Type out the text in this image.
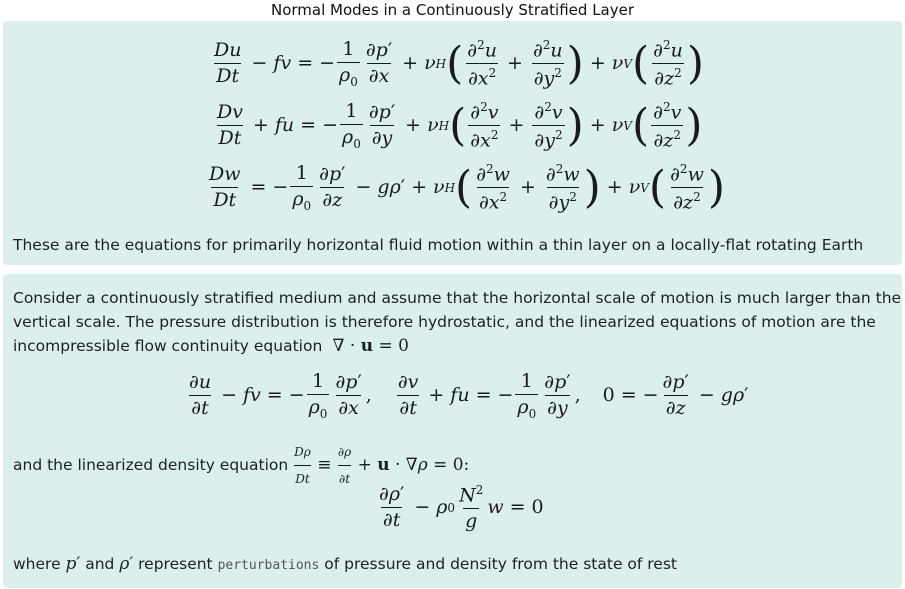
Normal Modes in a Continuously Stratified Layer
$\frac{Du}{Dt}$ − fv = − $\frac{1}{\rho_0} \frac{\partial p'}{\partial x} + \nu$ H ( $\frac{\partial^2u}{\partial x^2} + \frac{\partial^2u}{\partial y^2}$ ) + ν V ( $\frac{\partial^2u}{\partial z^2}$ )
$\frac{Dv}{Dt}$ + fu = − $\frac{1}{\rho_0} \frac{\partial p'}{\partial y} + \nu$ H ( $\frac{\partial^2v}{\partial x^2} + \frac{\partial^2v}{\partial y^2}$ ) + ν V ( $\frac{\partial^2v}{\partial z^2}$ )
$\frac{Dw}{Dt}$ = − $\frac{1}{\rho_0} \frac{\partial p'}{\partial z} - g\rho$ ′ + ν H ( $\frac{\partial^2w}{\partial x^2} + \frac{\partial^2w}{\partial y^2}$ ) + ν V ( $\frac{\partial^2w}{\partial z^2}$ )
These are the equations for primarily horizontal fluid motion within a thin layer on a locally-flat rotating Earth
Consider a continuously stratified medium and assume that the horizontal scale of motion is much larger than the
vertical scale. The pressure distribution is therefore hydrostatic, and the linearized equations of motion are the
incompressible flow continuity equation  ∇ · u = 0
$\frac{\partial u}{\partial t}$ − fv = − $\frac{1}{\rho_0} \frac{\partial p'}{\partial x}$ , $\frac{\partial v}{\partial t}$ + fu = − $\frac{1}{\rho_0} \frac{\partial p'}{\partial y}$ ,
0 = − $\frac{\partial p'}{\partial z} - g\rho$ ′
and the linearized density equation $\frac{D\rho}{Dt} \equiv \frac{\partial\rho}{\partial t} + u \cdot \nabla\rho = 0$:
$\frac{\partial\rho'}{\partial t} - \rho$ $0 \frac{N^2}{g}$ w = 0
where p′ and ρ′ represent perturbations of pressure and density from the state of rest
